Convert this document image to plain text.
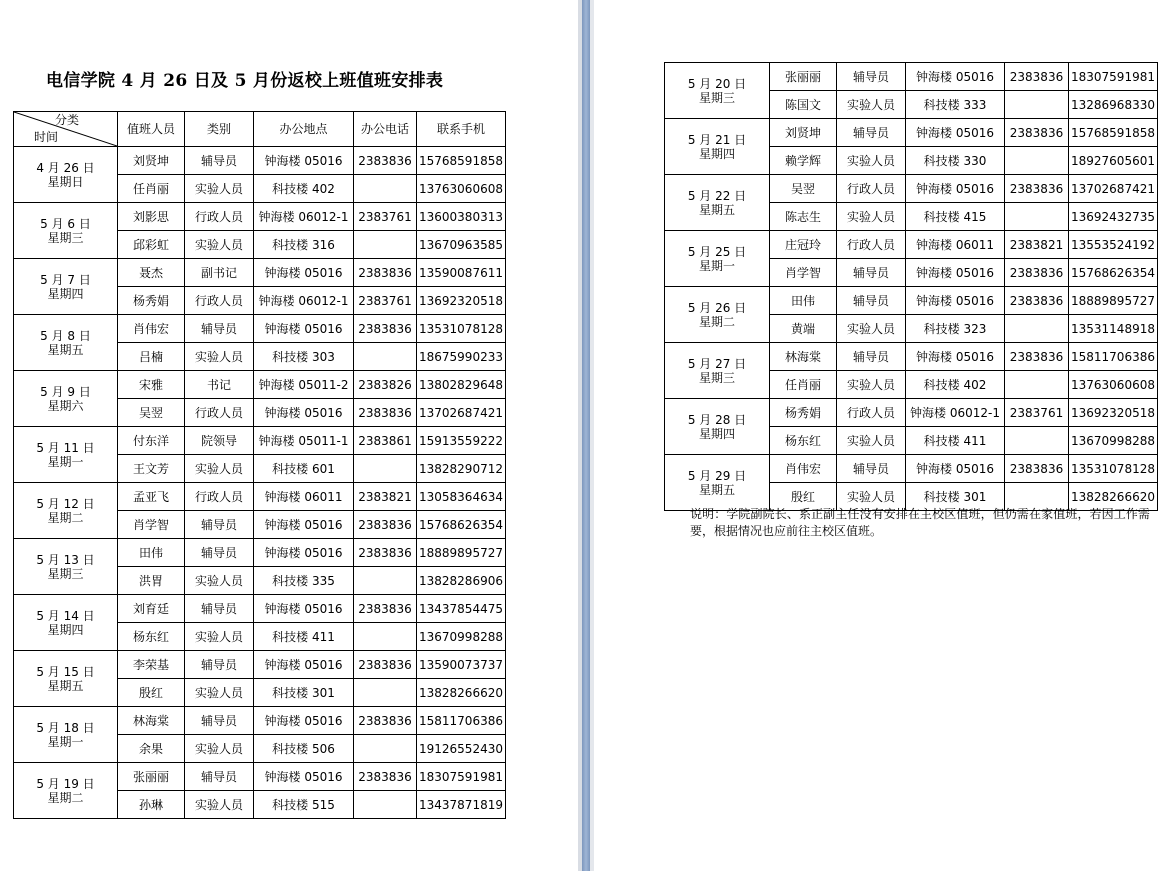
电信学院 4 月 26 日及 5 月份返校上班值班安排表
分类
时间	值班人员	类别	办公地点	办公电话	联系手机

4 月 26 日
星期日	刘贤坤	辅导员	钟海楼 05016	2383836	15768591858
	任肖丽	实验人员	科技楼 402		13763060608

5 月 6 日
星期三	刘影思	行政人员	钟海楼 06012-1	2383761	13600380313
	邱彩虹	实验人员	科技楼 316		13670963585

5 月 7 日
星期四	聂杰	副书记	钟海楼 05016	2383836	13590087611
	杨秀娟	行政人员	钟海楼 06012-1	2383761	13692320518

5 月 8 日
星期五	肖伟宏	辅导员	钟海楼 05016	2383836	13531078128
	吕楠	实验人员	科技楼 303		18675990233

5 月 9 日
星期六	宋雅	书记	钟海楼 05011-2	2383826	13802829648
	吴翌	行政人员	钟海楼 05016	2383836	13702687421

5 月 11 日
星期一	付东洋	院领导	钟海楼 05011-1	2383861	15913559222
	王文芳	实验人员	科技楼 601		13828290712

5 月 12 日
星期二	孟亚飞	行政人员	钟海楼 06011	2383821	13058364634
	肖学智	辅导员	钟海楼 05016	2383836	15768626354

5 月 13 日
星期三	田伟	辅导员	钟海楼 05016	2383836	18889895727
	洪胃	实验人员	科技楼 335		13828286906

5 月 14 日
星期四	刘育廷	辅导员	钟海楼 05016	2383836	13437854475
	杨东红	实验人员	科技楼 411		13670998288

5 月 15 日
星期五	李荣基	辅导员	钟海楼 05016	2383836	13590073737
	殷红	实验人员	科技楼 301		13828266620

5 月 18 日
星期一	林海棠	辅导员	钟海楼 05016	2383836	15811706386
	余果	实验人员	科技楼 506		19126552430

5 月 19 日
星期二	张丽丽	辅导员	钟海楼 05016	2383836	18307591981
	孙琳	实验人员	科技楼 515		13437871819
5 月 20 日
星期三	张丽丽	辅导员	钟海楼 05016	2383836	18307591981
	陈国文	实验人员	科技楼 333		13286968330

5 月 21 日
星期四	刘贤坤	辅导员	钟海楼 05016	2383836	15768591858
	赖学辉	实验人员	科技楼 330		18927605601

5 月 22 日
星期五	吴翌	行政人员	钟海楼 05016	2383836	13702687421
	陈志生	实验人员	科技楼 415		13692432735

5 月 25 日
星期一	庄冠玲	行政人员	钟海楼 06011	2383821	13553524192
	肖学智	辅导员	钟海楼 05016	2383836	15768626354

5 月 26 日
星期二	田伟	辅导员	钟海楼 05016	2383836	18889895727
	黄端	实验人员	科技楼 323		13531148918

5 月 27 日
星期三	林海棠	辅导员	钟海楼 05016	2383836	15811706386
	任肖丽	实验人员	科技楼 402		13763060608

5 月 28 日
星期四	杨秀娟	行政人员	钟海楼 06012-1	2383761	13692320518
	杨东红	实验人员	科技楼 411		13670998288

5 月 29 日
星期五	肖伟宏	辅导员	钟海楼 05016	2383836	13531078128
	殷红	实验人员	科技楼 301		13828266620

说明：学院副院长、系正副主任没有安排在主校区值班，但仍需在家值班，若因工作需要，根据情况也应前往主校区值班。
